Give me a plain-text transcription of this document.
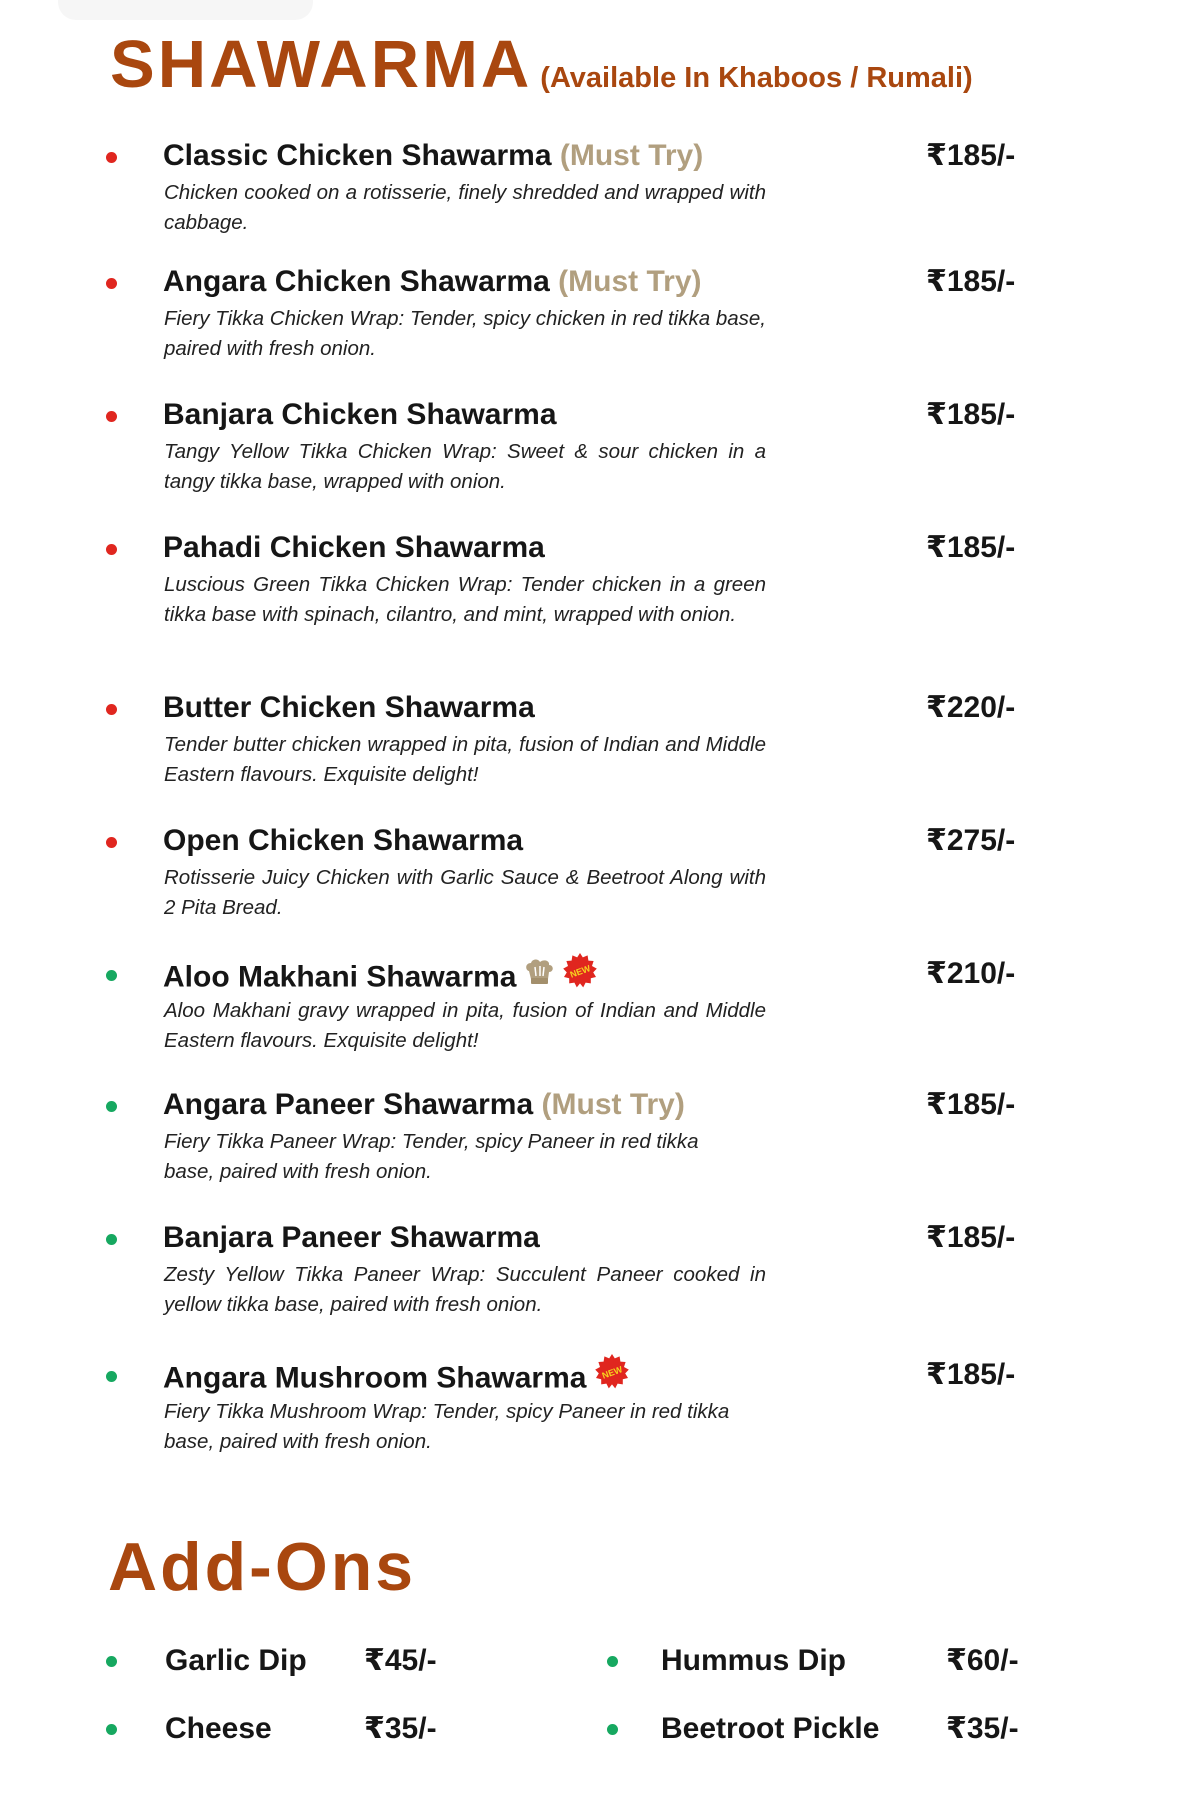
SHAWARMA (Available In Khaboos / Rumali)
Classic Chicken Shawarma (Must Try)	₹185/-
Chicken cooked on a rotisserie, finely shredded and wrapped with cabbage.
Angara Chicken Shawarma (Must Try)	₹185/-
Fiery Tikka Chicken Wrap: Tender, spicy chicken in red tikka base, paired with fresh onion.
Banjara Chicken Shawarma	₹185/-
Tangy Yellow Tikka Chicken Wrap: Sweet & sour chicken in a tangy tikka base, wrapped with onion.
Pahadi Chicken Shawarma	₹185/-
Luscious Green Tikka Chicken Wrap: Tender chicken in a green tikka base with spinach, cilantro, and mint, wrapped with onion.
Butter Chicken Shawarma	₹220/-
Tender butter chicken wrapped in pita, fusion of Indian and Middle Eastern flavours. Exquisite delight!
Open Chicken Shawarma	₹275/-
Rotisserie Juicy Chicken with Garlic Sauce & Beetroot Along with 2 Pita Bread.
Aloo Makhani Shawarma	NEW	₹210/-
Aloo Makhani gravy wrapped in pita, fusion of Indian and Middle Eastern flavours. Exquisite delight!
Angara Paneer Shawarma (Must Try)	₹185/-
Fiery Tikka Paneer Wrap: Tender, spicy Paneer in red tikka base, paired with fresh onion.
Banjara Paneer Shawarma	₹185/-
Zesty Yellow Tikka Paneer Wrap: Succulent Paneer cooked in yellow tikka base, paired with fresh onion.
Angara Mushroom Shawarma NEW	₹185/-
Fiery Tikka Mushroom Wrap: Tender, spicy Paneer in red tikka base, paired with fresh onion.
Add-Ons
Garlic Dip ₹45/-	Hummus Dip	₹60/-
Cheese	₹35/-	Beetroot Pickle ₹35/-
